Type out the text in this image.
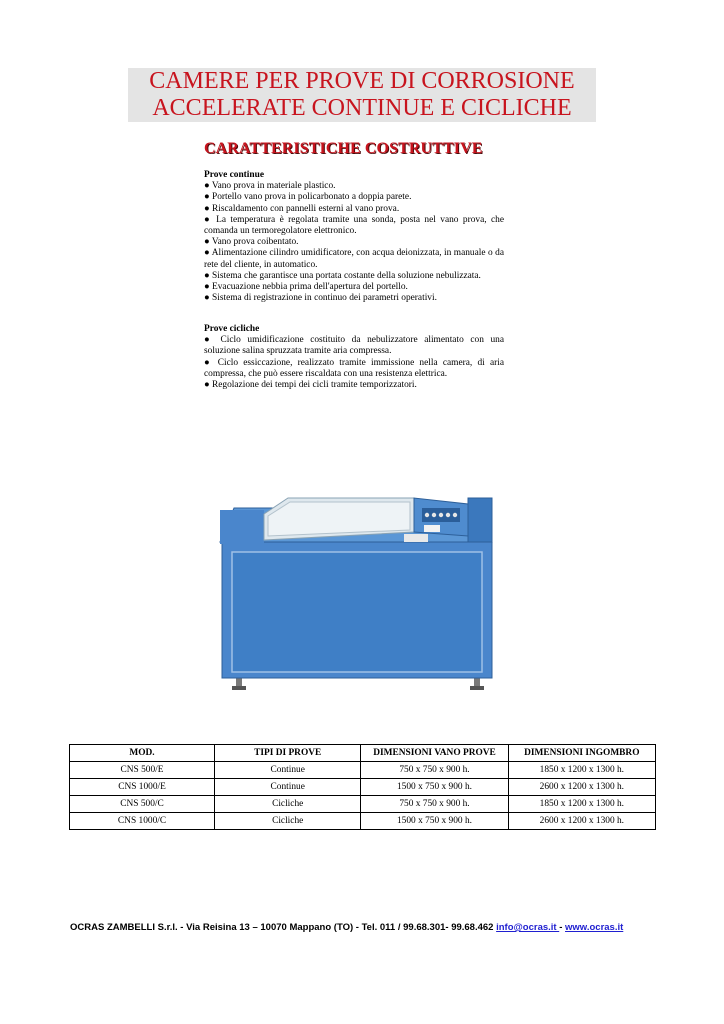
CAMERE PER PROVE DI CORROSIONE
ACCELERATE CONTINUE E CICLICHE
CARATTERISTICHE COSTRUTTIVE
Prove continue
● Vano prova in materiale plastico.
● Portello vano prova in policarbonato a doppia parete.
● Riscaldamento con pannelli esterni al vano prova.
● La temperatura è regolata tramite una sonda, posta nel vano prova, che comanda un termoregolatore elettronico.
● Vano prova coibentato.
● Alimentazione cilindro umidificatore, con acqua deionizzata, in manuale o da rete del cliente, in automatico.
● Sistema che garantisce una portata costante della soluzione nebulizzata.
● Evacuazione nebbia prima dell'apertura del portello.
● Sistema di registrazione in continuo dei parametri operativi.
Prove cicliche
● Ciclo umidificazione costituito da nebulizzatore alimentato con una soluzione salina spruzzata tramite aria compressa.
● Ciclo essiccazione, realizzato tramite immissione nella camera, di aria compressa, che può essere riscaldata con una resistenza elettrica.
● Regolazione dei tempi dei cicli tramite temporizzatori.
MOD.	TIPI DI PROVE	DIMENSIONI VANO PROVE	DIMENSIONI INGOMBRO
CNS 500/E	Continue	750 x 750 x 900 h.	1850 x 1200 x 1300 h.
CNS 1000/E	Continue	1500 x 750 x 900 h.	2600 x 1200 x 1300 h.
CNS 500/C	Cicliche	750 x 750 x 900 h.	1850 x 1200 x 1300 h.
CNS 1000/C	Cicliche	1500 x 750 x 900 h.	2600 x 1200 x 1300 h.
OCRAS ZAMBELLI S.r.l. - Via Reisina 13 – 10070 Mappano (TO) - Tel. 011 / 99.68.301- 99.68.462 info@ocras.it - www.ocras.it
